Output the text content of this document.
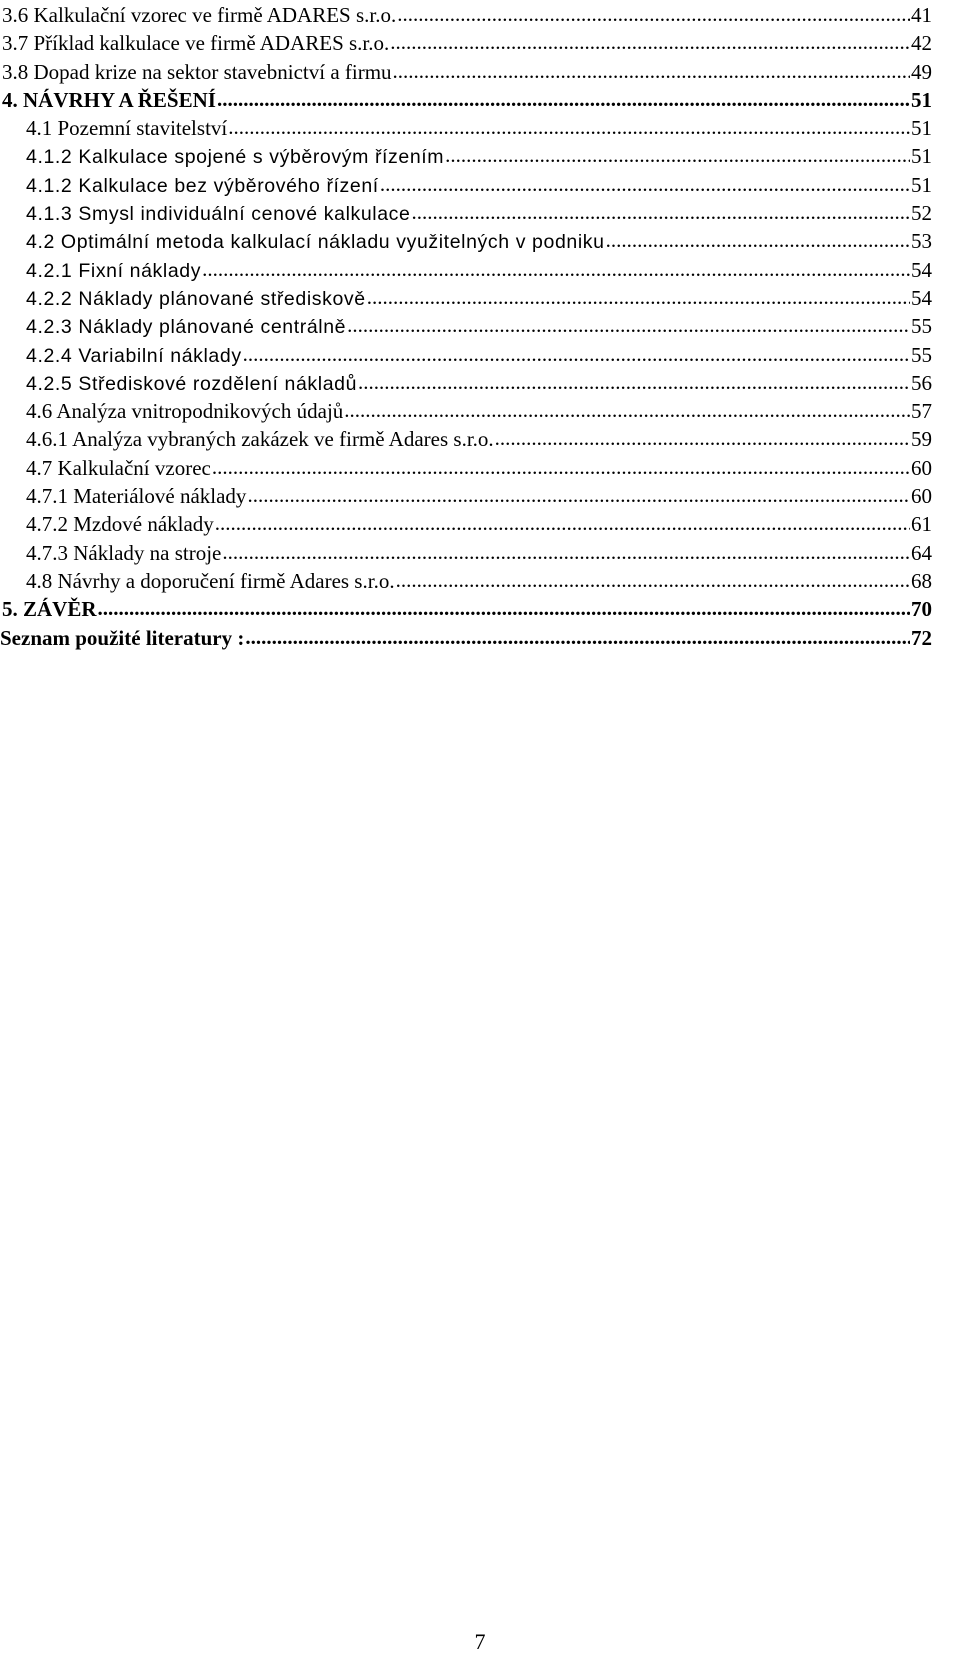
3.6 Kalkulační vzorec ve firmě ADARES s.r.o. .....	41
3.7 Příklad kalkulace ve firmě ADARES s.r.o. .....	42
3.8 Dopad krize na sektor stavebnictví a firmu .....	49
4. NÁVRHY A ŘEŠENÍ .....	51
4.1 Pozemní stavitelství .....	51
4.1.2 Kalkulace spojené s výběrovým řízením .....	51
4.1.2 Kalkulace bez výběrového řízení .....	51
4.1.3 Smysl individuální cenové kalkulace .....	52
4.2 Optimální metoda kalkulací nákladu využitelných v podniku .....	53
4.2.1 Fixní náklady .....	54
4.2.2 Náklady plánované střediskově .....	54
4.2.3 Náklady plánované centrálně .....	55
4.2.4 Variabilní náklady .....	55
4.2.5 Střediskové rozdělení nákladů .....	56
4.6 Analýza vnitropodnikových údajů .....	57
4.6.1 Analýza vybraných zakázek ve firmě Adares s.r.o. .....	59
4.7 Kalkulační vzorec .....	60
4.7.1 Materiálové náklady .....	60
4.7.2 Mzdové náklady .....	61
4.7.3 Náklady na stroje .....	64
4.8 Návrhy a doporučení firmě Adares s.r.o. .....	68
5. ZÁVĚR .....	70
Seznam použité literatury : .....	72
7
